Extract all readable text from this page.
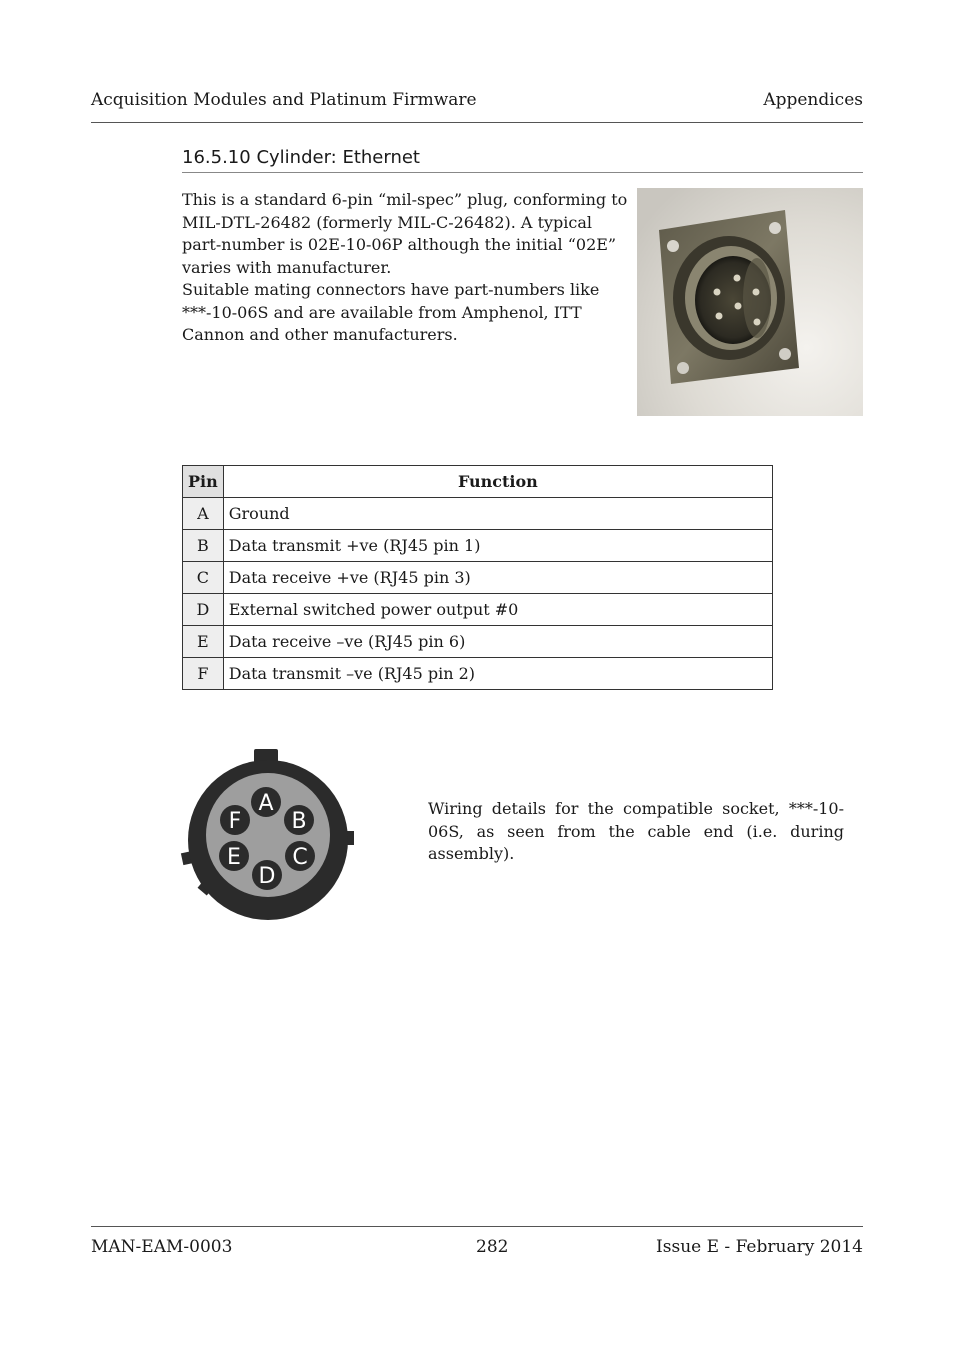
Acquisition Modules and Platinum Firmware	Appendices
16.5.10 Cylinder: Ethernet

This is a standard 6-pin “mil-spec” plug, conforming to MIL-DTL-26482 (formerly MIL-C-26482). A typical part-number is 02E-10-06P although the initial “02E” varies with manufacturer.

Suitable mating connectors have part-numbers like ***-10-06S and are available from Amphenol, ITT Cannon and other manufacturers.

Pin	Function
A	Ground
B	Data transmit +ve (RJ45 pin 1)
C	Data receive +ve (RJ45 pin 3)
D	External switched power output #0
E	Data receive –ve (RJ45 pin 6)
F	Data transmit –ve (RJ45 pin 2)
A
B
C
D
E
F
Wiring details for the compatible socket, ***-10-06S, as seen from the cable end (i.e. during assembly).
MAN-EAM-0003	282	Issue E - February 2014
